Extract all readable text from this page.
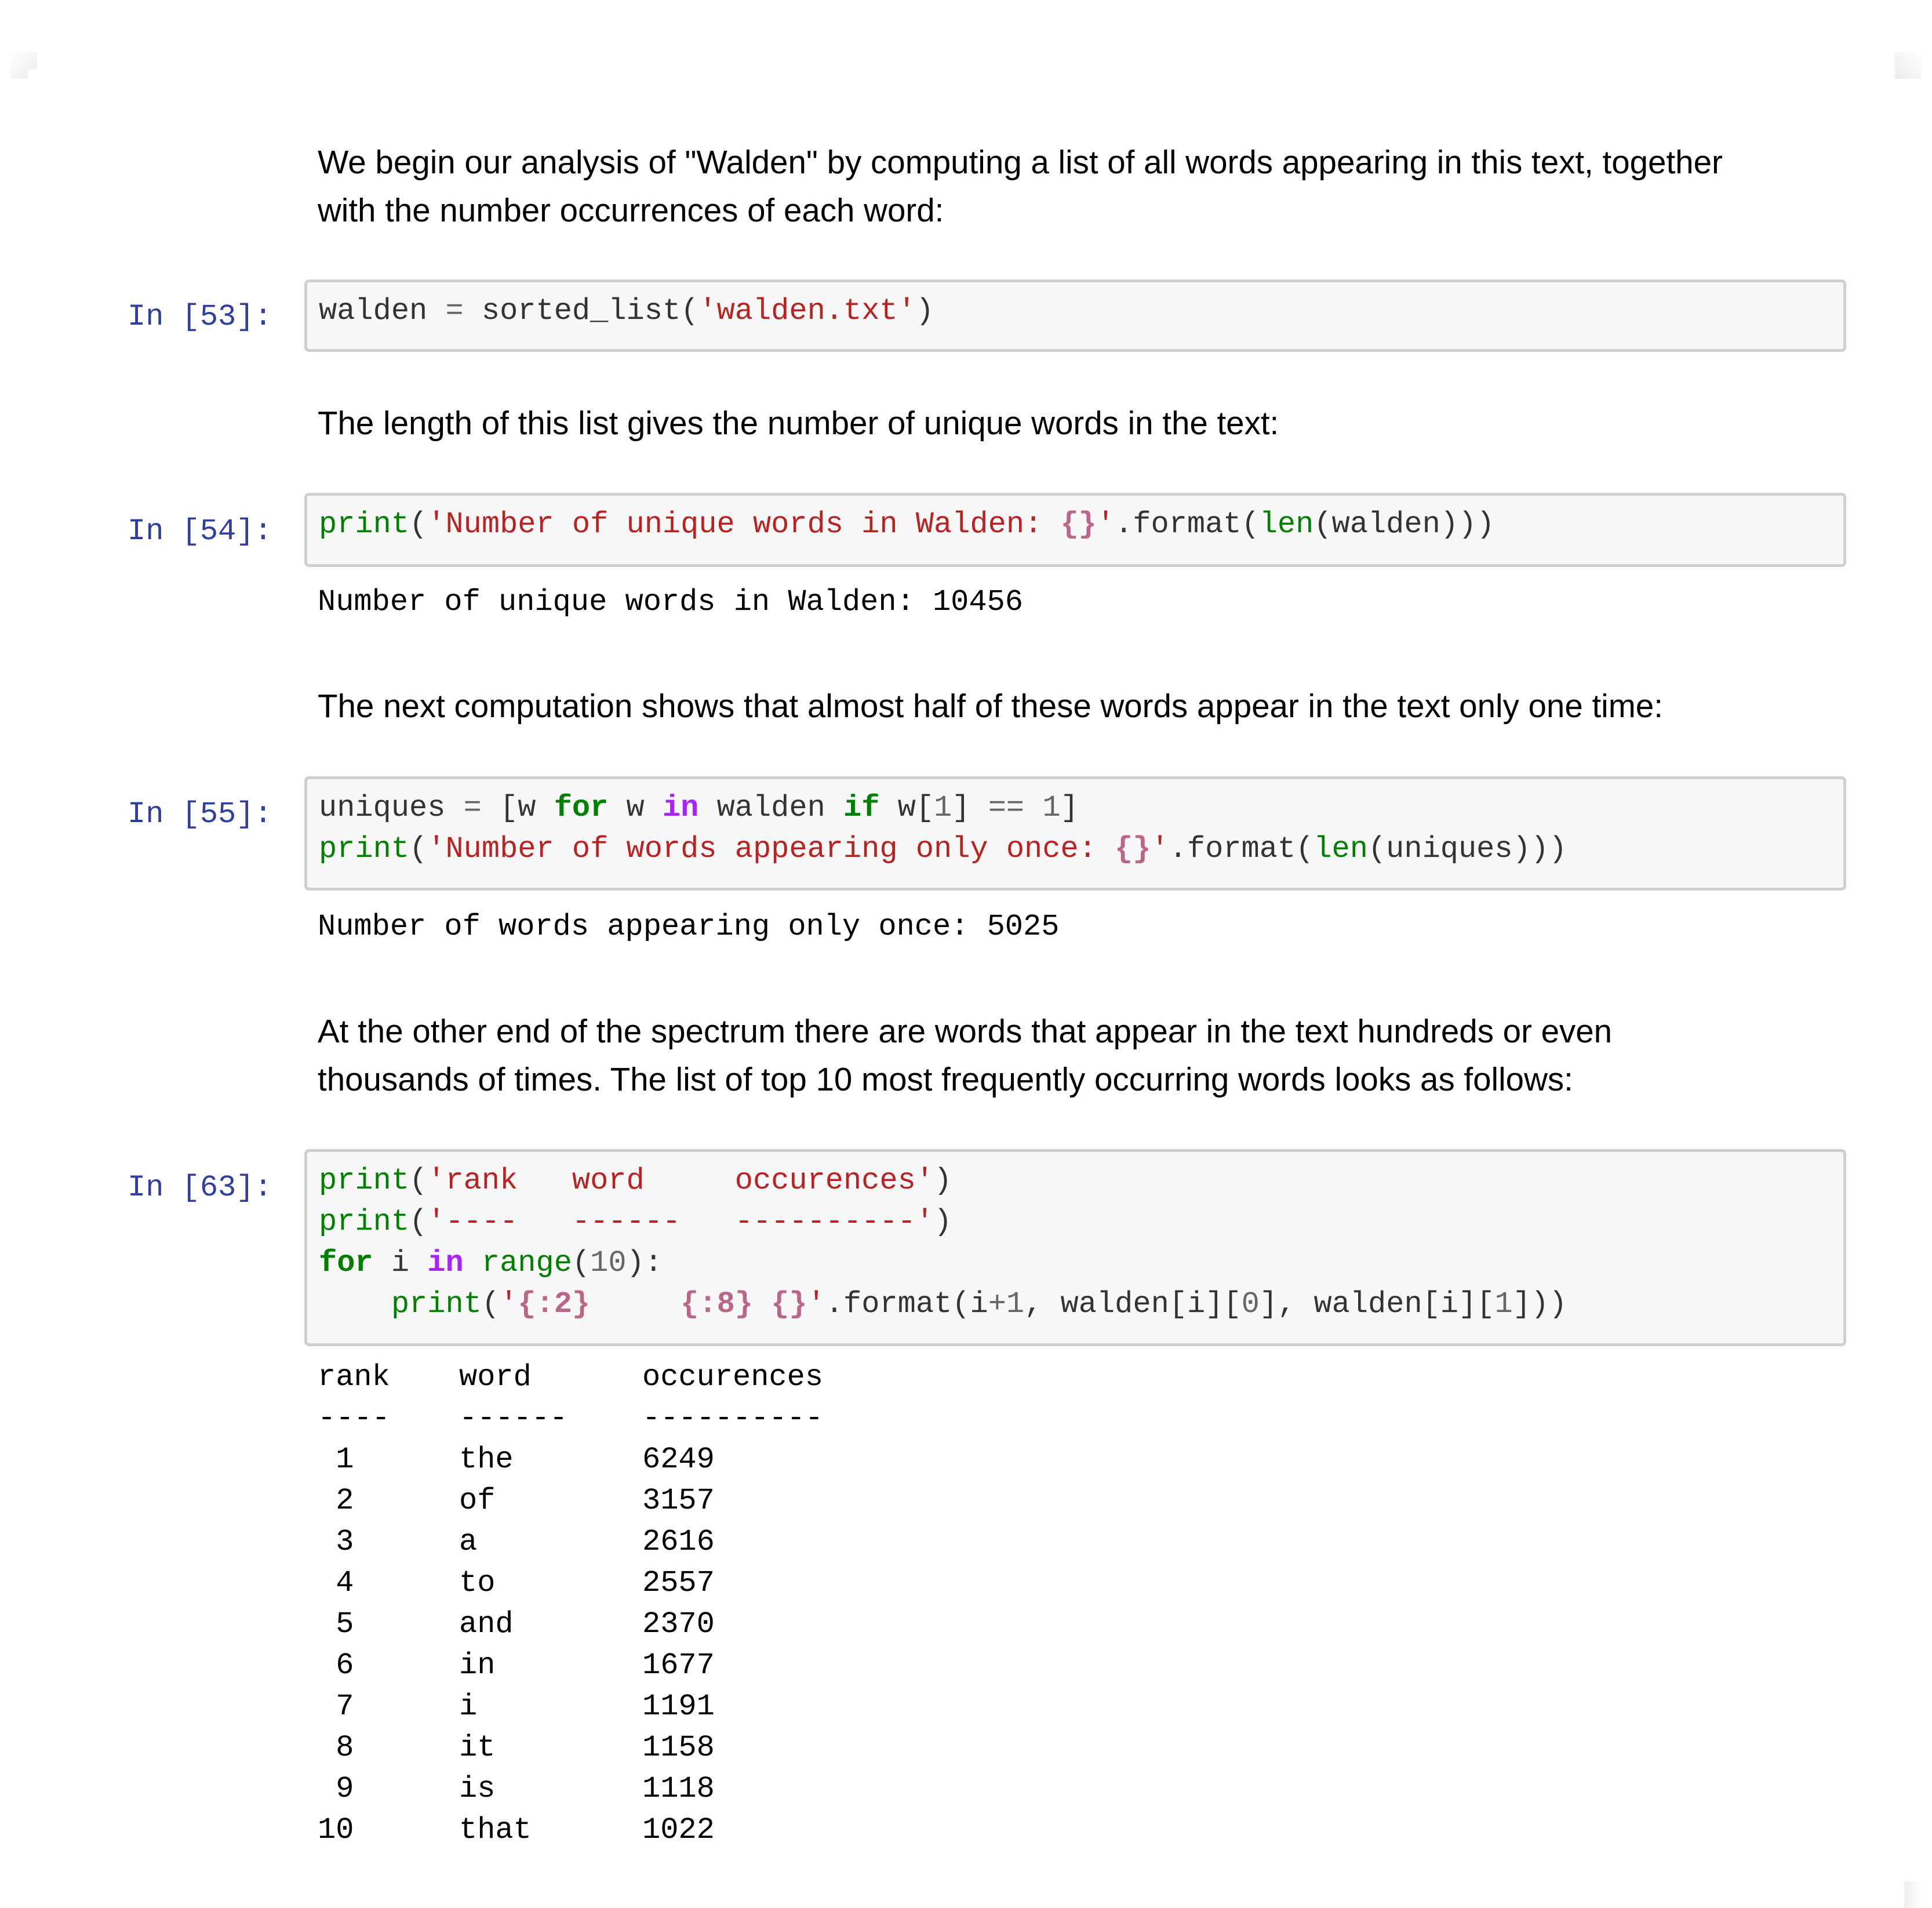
We begin our analysis of "Walden" by computing a list of all words appearing in this text, together
with the number occurrences of each word:
In [53]: walden = sorted_list('walden.txt')
The length of this list gives the number of unique words in the text:
In [54]: print('Number of unique words in Walden: {}'.format(len(walden)))
Number of unique words in Walden: 10456
The next computation shows that almost half of these words appear in the text only one time:
In [55]: uniques = [w for w in walden if w[1] == 1]
print('Number of words appearing only once: {}'.format(len(uniques)))
Number of words appearing only once: 5025
At the other end of the spectrum there are words that appear in the text hundreds or even
thousands of times. The list of top 10 most frequently occurring words looks as follows:
In [63]: print('rank   word     occurences')
print('----   ------   ----------')
for i in range(10):
print('{:2}	{:8} {}'.format(i+1, walden[i][0], walden[i][1]))
rank	word	occurences
----	------	----------
1	the	6249
2	of	3157
3	a	2616
4	to	2557
5	and	2370
6	in	1677
7	i	1191
8	it	1158
9	is	1118
10	that	1022
